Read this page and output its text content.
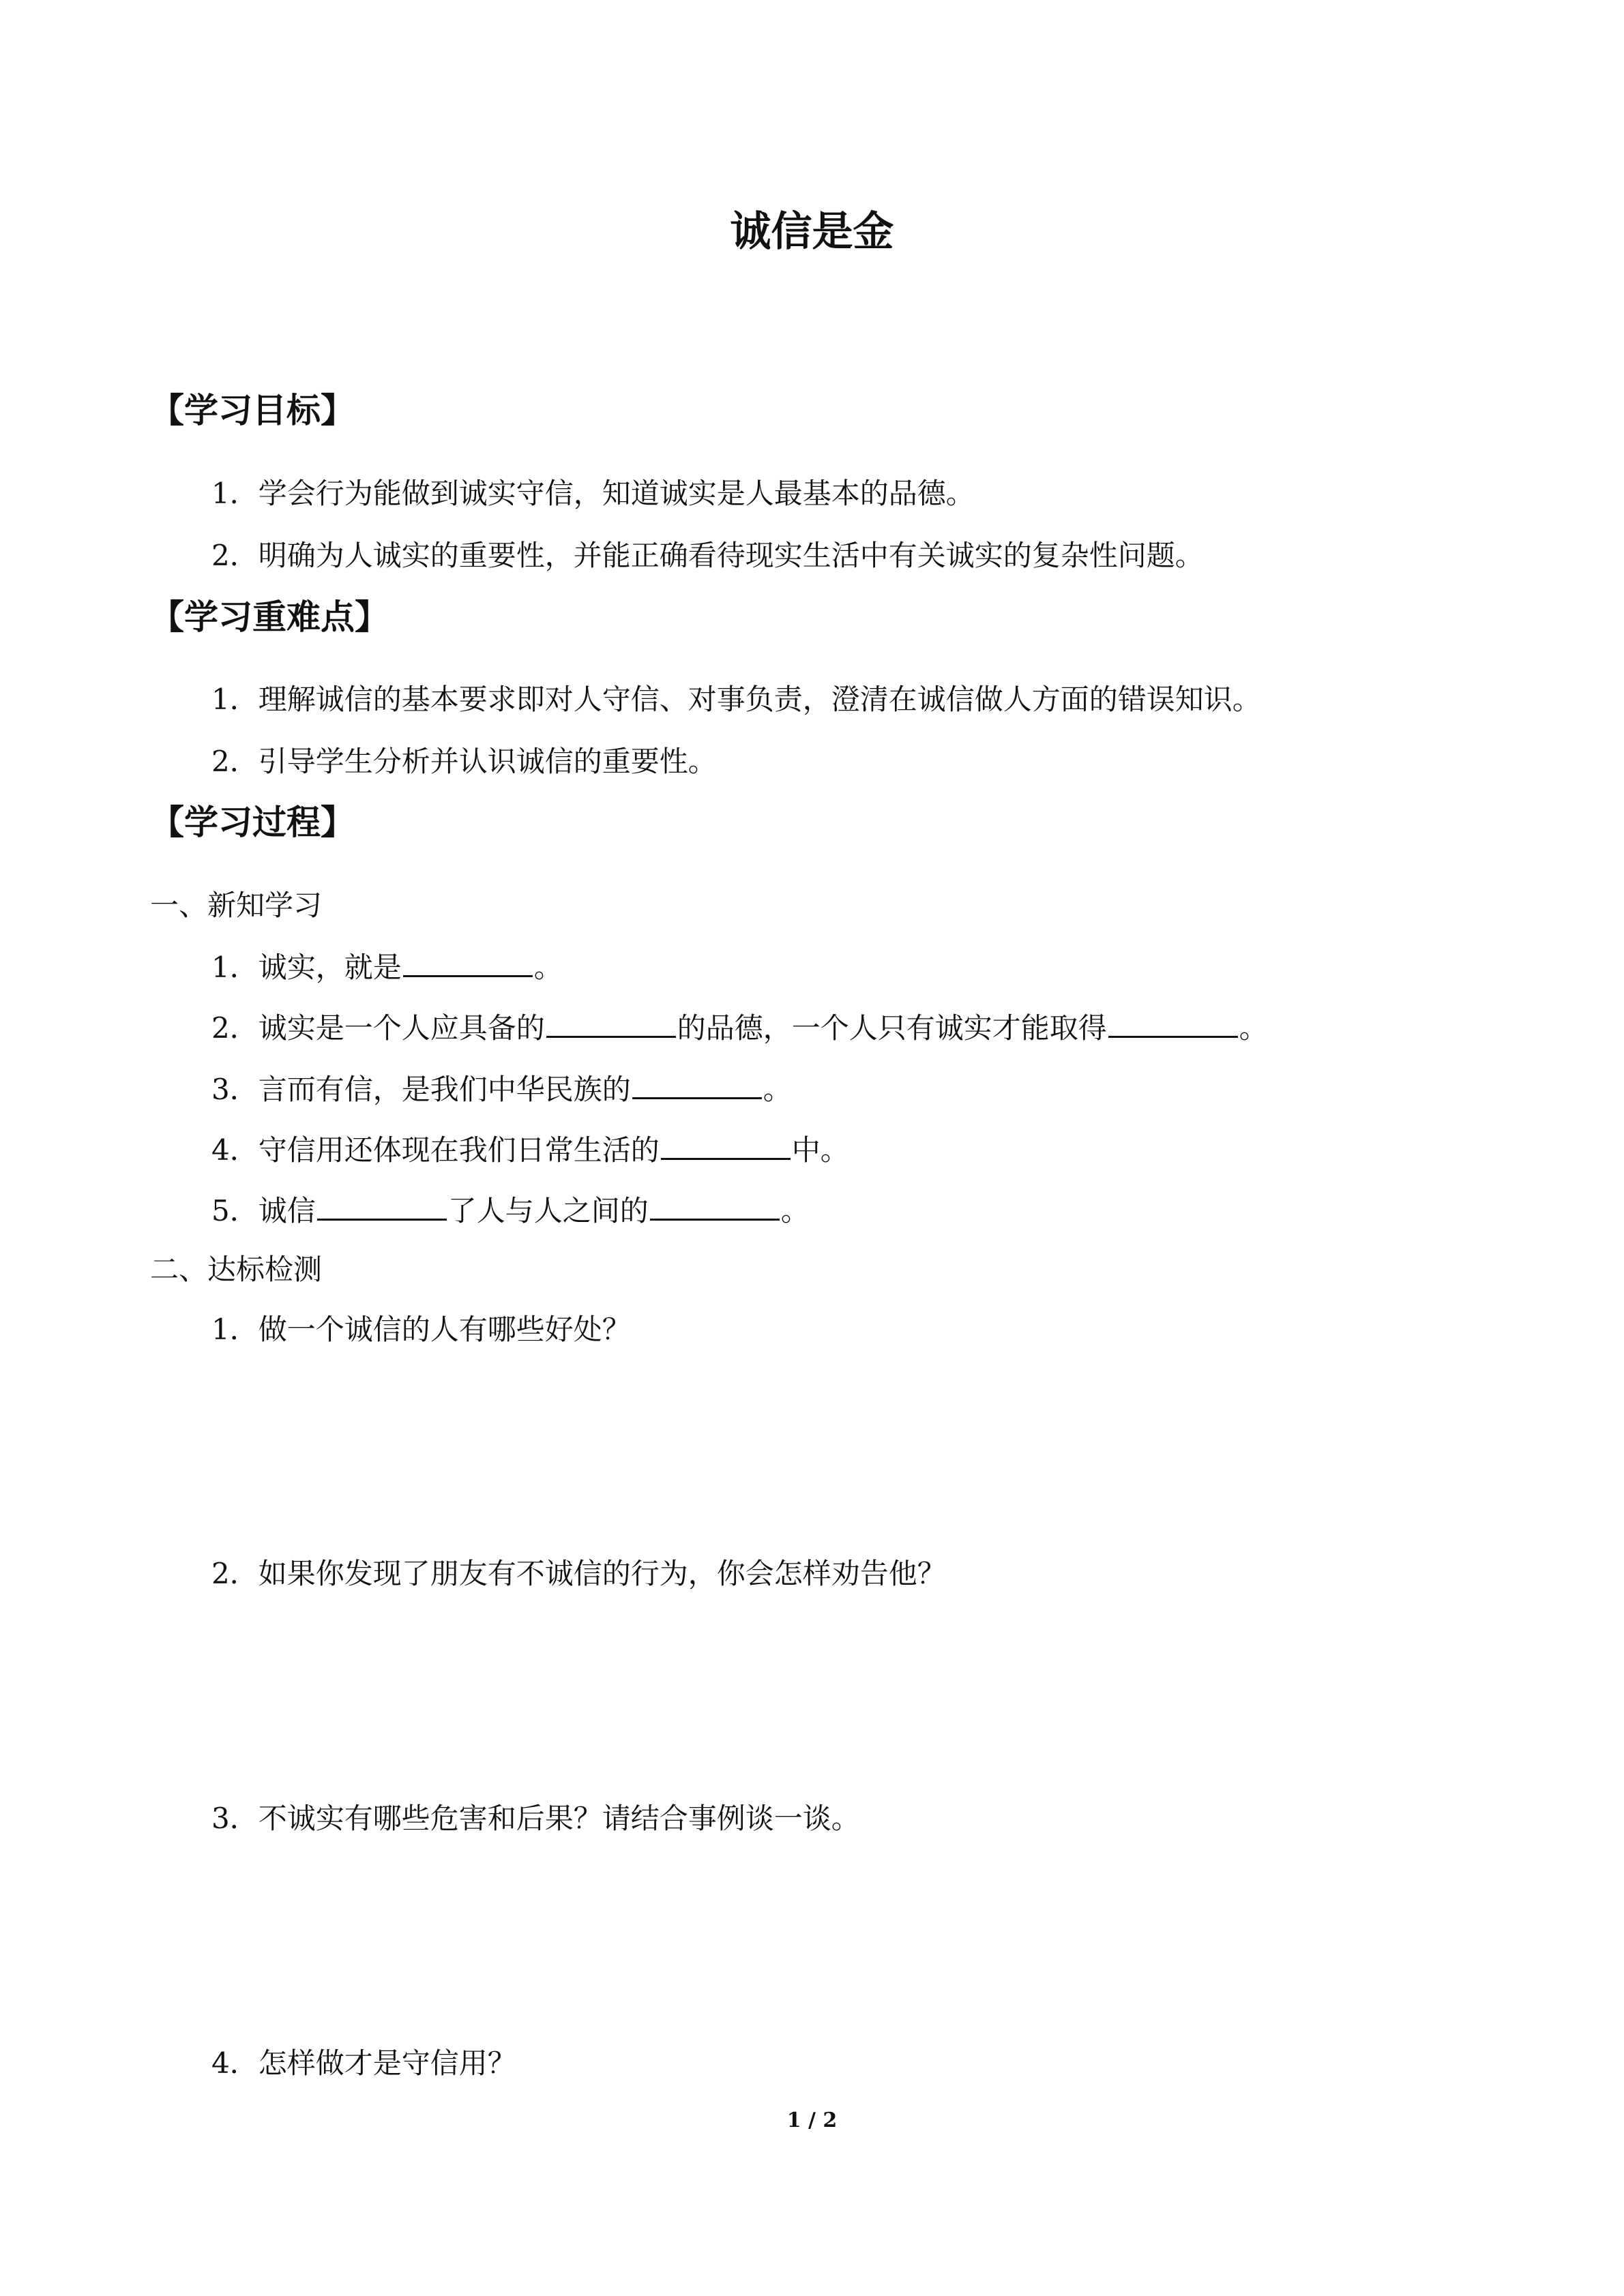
诚信是金
【学习目标】
1．学会行为能做到诚实守信，知道诚实是人最基本的品德。
2．明确为人诚实的重要性，并能正确看待现实生活中有关诚实的复杂性问题。
【学习重难点】
1．理解诚信的基本要求即对人守信、对事负责，澄清在诚信做人方面的错误知识。
2．引导学生分析并认识诚信的重要性。
【学习过程】
一、新知学习
1．诚实，就是	。
2．诚实是一个人应具备的	的品德，一个人只有诚实才能取得	。
3．言而有信，是我们中华民族的	。
4．守信用还体现在我们日常生活的	中。
5．诚信	了人与人之间的	。
二、达标检测
1．做一个诚信的人有哪些好处？
2．如果你发现了朋友有不诚信的行为，你会怎样劝告他？
3．不诚实有哪些危害和后果？请结合事例谈一谈。
4．怎样做才是守信用？
1 / 2
